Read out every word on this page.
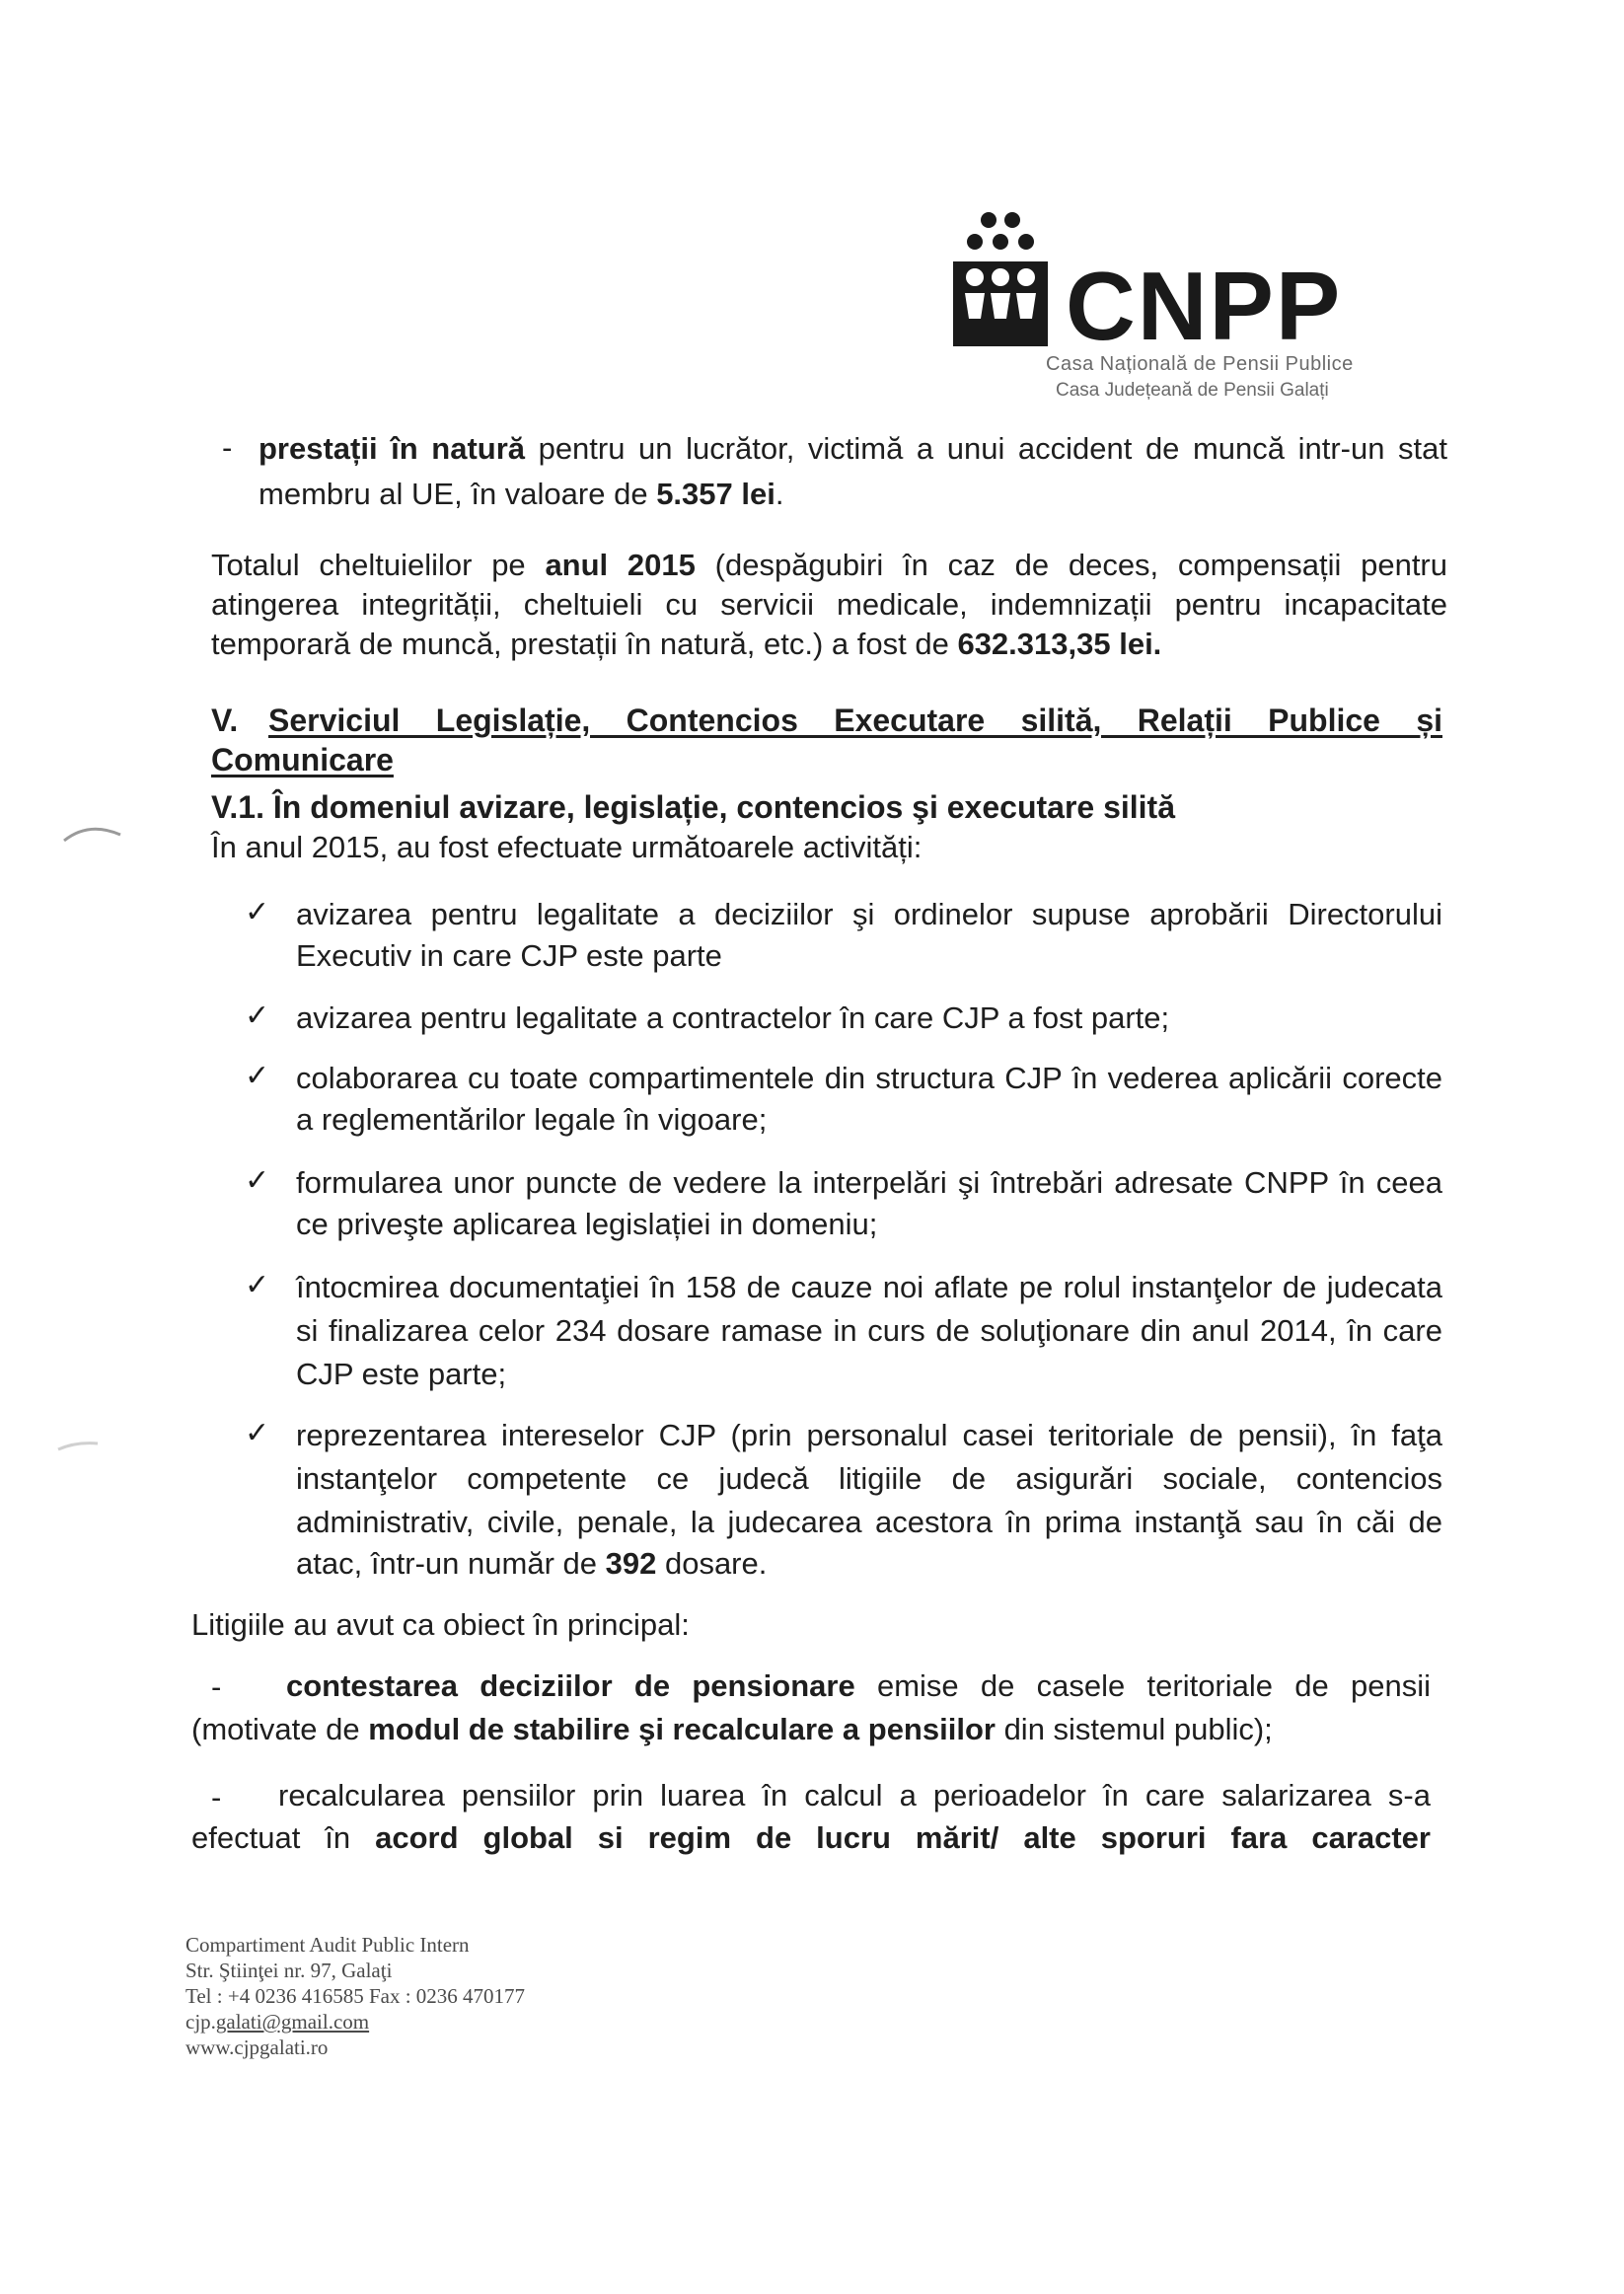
CNPP
Casa Națională de Pensii Publice
Casa Județeană de Pensii Galați
- prestații în natură pentru un lucrător, victimă a unui accident de muncă intr-un stat
membru al UE, în valoare de 5.357 lei.
Totalul cheltuielilor pe anul 2015 (despăgubiri în caz de deces, compensații pentru
atingerea integrității, cheltuieli cu servicii medicale, indemnizații pentru incapacitate
temporară de muncă, prestații în natură, etc.) a fost de 632.313,35 lei.
V. Serviciul Legislație, Contencios Executare silită, Relații Publice și
Comunicare
V.1. În domeniul avizare, legislație, contencios şi executare silită
În anul 2015, au fost efectuate următoarele activități:
✓ avizarea pentru legalitate a deciziilor şi ordinelor supuse aprobării Directorului
Executiv in care CJP este parte
✓ avizarea pentru legalitate a contractelor în care CJP a fost parte;
✓ colaborarea cu toate compartimentele din structura CJP în vederea aplicării corecte
a reglementărilor legale în vigoare;
✓ formularea unor puncte de vedere la interpelări şi întrebări adresate CNPP în ceea
ce priveşte aplicarea legislației in domeniu;
✓ întocmirea documentaţiei în 158 de cauze noi aflate pe rolul instanţelor de judecata
si finalizarea celor 234 dosare ramase in curs de soluţionare din anul 2014, în care
CJP este parte;
✓ reprezentarea intereselor CJP (prin personalul casei teritoriale de pensii), în faţa
instanţelor competente ce judecă litigiile de asigurări sociale, contencios
administrativ, civile, penale, la judecarea acestora în prima instanţă sau în căi de
atac, într-un număr de 392 dosare.
Litigiile au avut ca obiect în principal:
- contestarea deciziilor de pensionare emise de casele teritoriale de pensii
(motivate de modul de stabilire şi recalculare a pensiilor din sistemul public);
- recalcularea pensiilor prin luarea în calcul a perioadelor în care salarizarea s-a
efectuat în acord global si regim de lucru mărit/ alte sporuri fara caracter
Compartiment Audit Public Intern
Str. Ştiinţei nr. 97, Galaţi
Tel : +4 0236 416585 Fax : 0236 470177
cjp.galati@gmail.com
www.cjpgalati.ro
